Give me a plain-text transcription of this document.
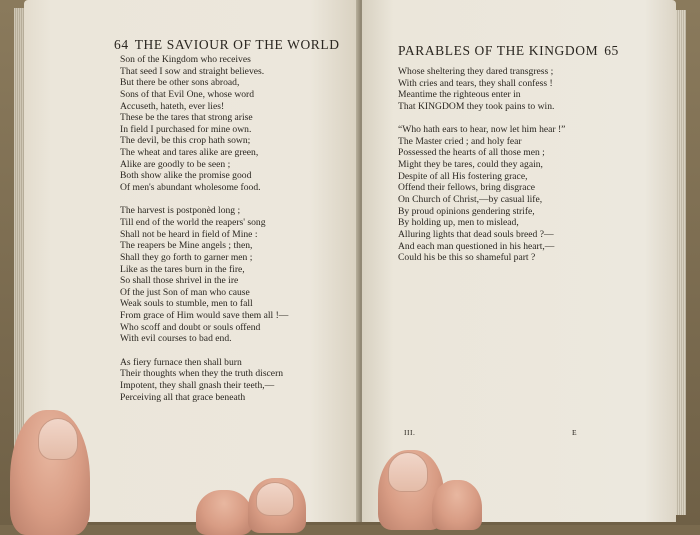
64 THE SAVIOUR OF THE WORLD
Son of the Kingdom who receives
That seed I sow and straight believes.
But there be other sons abroad,
Sons of that Evil One, whose word
Accuseth, hateth, ever lies!
These be the tares that strong arise
In field I purchased for mine own.
The devil, be this crop hath sown;
The wheat and tares alike are green,
Alike are goodly to be seen ;
Both show alike the promise good
Of men's abundant wholesome food.
The harvest is postponèd long ;
Till end of the world the reapers' song
Shall not be heard in field of Mine :
The reapers be Mine angels ; then,
Shall they go forth to garner men ;
Like as the tares burn in the fire,
So shall those shrivel in the ire
Of the just Son of man who cause
Weak souls to stumble, men to fall
From grace of Him would save them all !—
Who scoff and doubt or souls offend
With evil courses to bad end.
As fiery furnace then shall burn
Their thoughts when they the truth discern
Impotent, they shall gnash their teeth,—
Perceiving all that grace beneath
PARABLES OF THE KINGDOM 65
Whose sheltering they dared transgress ;
With cries and tears, they shall confess !
Meantime the righteous enter in
That KINGDOM they took pains to win.
“Who hath ears to hear, now let him hear !”
The Master cried ; and holy fear
Possessed the hearts of all those men ;
Might they be tares, could they again,
Despite of all His fostering grace,
Offend their fellows, bring disgrace
On Church of Christ,—by casual life,
By proud opinions gendering strife,
By holding up, men to mislead,
Alluring lights that dead souls breed ?—
And each man questioned in his heart,—
Could his be this so shameful part ?
III.	E
